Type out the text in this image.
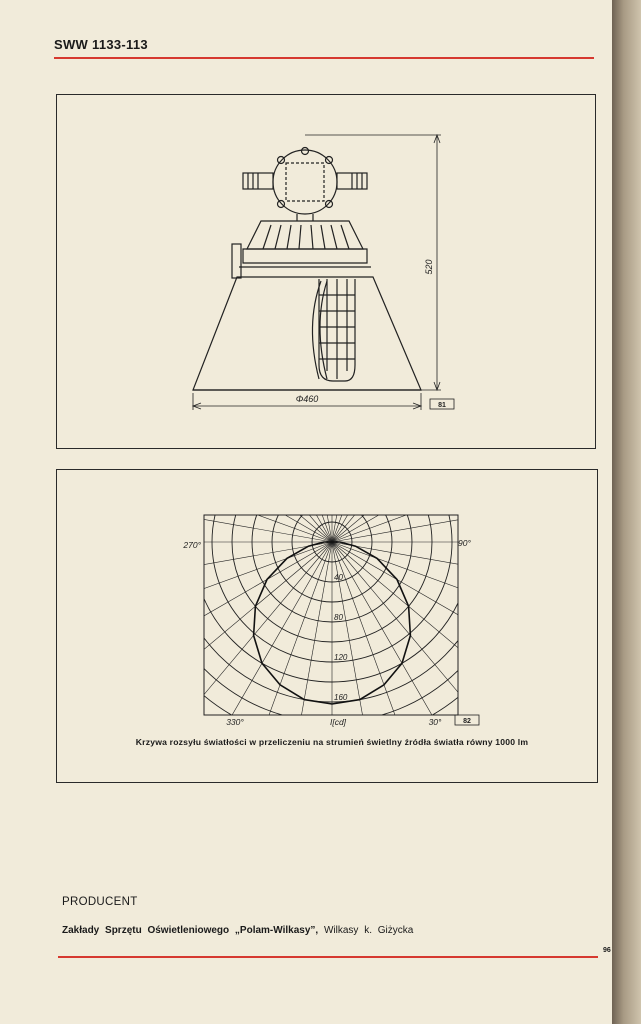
SWW 1133-113
520
Φ460
81
40
80
120
160
270°	90°
330°	30°
I[cd]	82
Krzywa rozsyłu światłości w przeliczeniu na strumień świetlny źródła światła równy 1000 lm
PRODUCENT
Zakłady Sprzętu Oświetleniowego „Polam-Wilkasy”, Wilkasy k. Giżycka
96
